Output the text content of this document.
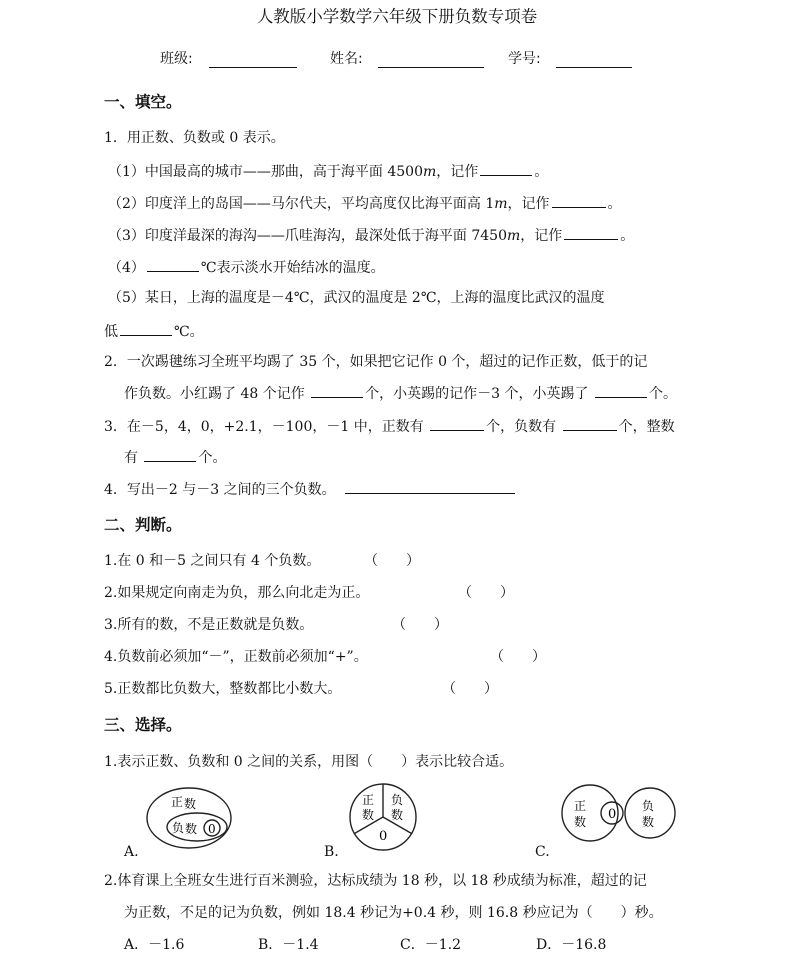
人教版小学数学六年级下册负数专项卷
班级:	姓名:	学号:
一、填空。
1．用正数、负数或 0 表示。
（1）中国最高的城市——那曲，高于海平面 4500m，记作	。
（2）印度洋上的岛国——马尔代夫，平均高度仅比海平面高 1m，记作	。
（3）印度洋最深的海沟——爪哇海沟，最深处低于海平面 7450m，记作	。
（4）	℃表示淡水开始结冰的温度。
（5）某日，上海的温度是－4℃，武汉的温度是 2℃，上海的温度比武汉的温度
低	℃。
2．一次踢毽练习全班平均踢了 35 个，如果把它记作 0 个，超过的记作正数，低于的记
作负数。小红踢了 48 个记作	个，小英踢的记作－3 个，小英踢了	个。
3．在－5，4，0，+2.1，－100，－1 中，正数有	个，负数有	个，整数
有	个。
4．写出－2 与－3 之间的三个负数。　
二、判断。
1.在 0 和－5 之间只有 4 个负数。	（　　 ）
2.如果规定向南走为负，那么向北走为正。	（　　 ）
3.所有的数，不是正数就是负数。	（　　 ）
4.负数前必须加“－”，正数前必须加“+”。	（　　 ）
5.正数都比负数大，整数都比小数大。	（　　 ）
三、选择。
1.表示正数、负数和 0 之间的关系，用图（　　）表示比较合适。
正 数
负 数 0
A.
正
数
负
数
0
B.
正
数 0
负
数
C.
2.体育课上全班女生进行百米测验，达标成绩为 18 秒，以 18 秒成绩为标准，超过的记
为正数，不足的记为负数，例如 18.4 秒记为+0.4 秒，则 16.8 秒应记为（　　）秒。
A．－1.6	B．－1.4	C．－1.2	D．－16.8
